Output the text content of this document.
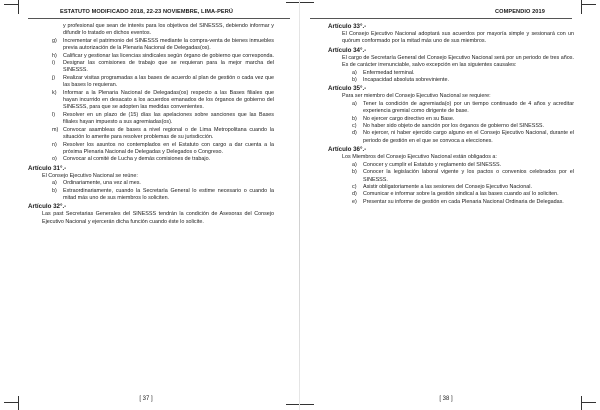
ESTATUTO MODIFICADO 2018, 22-23 NOVIEMBRE, LIMA-PERÚ

y profesional que sean de interés para los objetivos del SINESSS, debiendo informar y difundir lo tratado en dichos eventos.

g) Incrementar el patrimonio del SINESSS mediante la compra-venta de bienes inmuebles previa autorización de la Plenaria Nacional de Delegadas(os).

h) Calificar y gestionar las licencias sindicales según órgano de gobierno que corresponda.

i) Designar las comisiones de trabajo que se requieran para la mejor marcha del SINESSS.

j) Realizar visitas programadas a las bases de acuerdo al plan de gestión o cada vez que las bases lo requieran.

k) Informar a la Plenaria Nacional de Delegadas(os) respecto a las Bases filiales que hayan incurrido en desacato a los acuerdos emanados de los órganos de gobierno del SINESSS, para que se adopten las medidas convenientes.

l) Resolver en un plazo de (15) días las apelaciones sobre sanciones que las Bases filiales hayan impuesto a sus agremiadas(os).

m) Convocar asambleas de bases a nivel regional o de Lima Metropolitana cuando la situación lo amerite para resolver problemas de su jurisdicción.

n) Resolver los asuntos no contemplados en el Estatuto con cargo a dar cuenta a la próxima Plenaria Nacional de Delegadas y Delegados o Congreso.

o) Convocar al comité de Lucha y demás comisiones de trabajo.

Artículo 31°.-

El Consejo Ejecutivo Nacional se reúne:

a) Ordinariamente, una vez al mes.

b) Extraordinariamente, cuando la Secretaría General lo estime necesario o cuando la mitad más uno de sus miembros lo soliciten.

Artículo 32°.-

Las past Secretarias Generales del SINESSS tendrán la condición de Asesoras del Consejo Ejecutivo Nacional y ejercerán dicha función cuando éste lo solicite.

[ 37 ]
COMPENDIO 2019

Artículo 33°.-

El Consejo Ejecutivo Nacional adoptará sus acuerdos por mayoría simple y sesionará con un quórum conformado por la mitad más uno de sus miembros.

Artículo 34°.-

El cargo de Secretaría General del Consejo Ejecutivo Nacional será por un periodo de tres años. Es de carácter irrenunciable, salvo excepción en las siguientes causales:

a) Enfermedad terminal.

b) Incapacidad absoluta sobreviniente.

Artículo 35°.-

Para ser miembro del Consejo Ejecutivo Nacional se requiere:

a) Tener la condición de agremiada(o) por un tiempo continuado de 4 años y acreditar experiencia gremial como dirigente de base.

b) No ejercer cargo directivo en su Base.

c) No haber sido objeto de sanción por los órganos de gobierno del SINESSS.

d) No ejercer, ni haber ejercido cargo alguno en el Consejo Ejecutivo Nacional, durante el periodo de gestión en el que se convoca a elecciones.

Artículo 36°.-

Los Miembros del Consejo Ejecutivo Nacional están obligados a:

a) Conocer y cumplir el Estatuto y reglamento del SINESSS.

b) Conocer la legislación laboral vigente y los pactos o convenios celebrados por el SINESSS.

c) Asistir obligatoriamente a las sesiones del Consejo Ejecutivo Nacional.

d) Comunicar e informar sobre la gestión sindical a las bases cuando así lo soliciten.

e) Presentar su informe de gestión en cada Plenaria Nacional Ordinaria de Delegadas.

[ 38 ]
